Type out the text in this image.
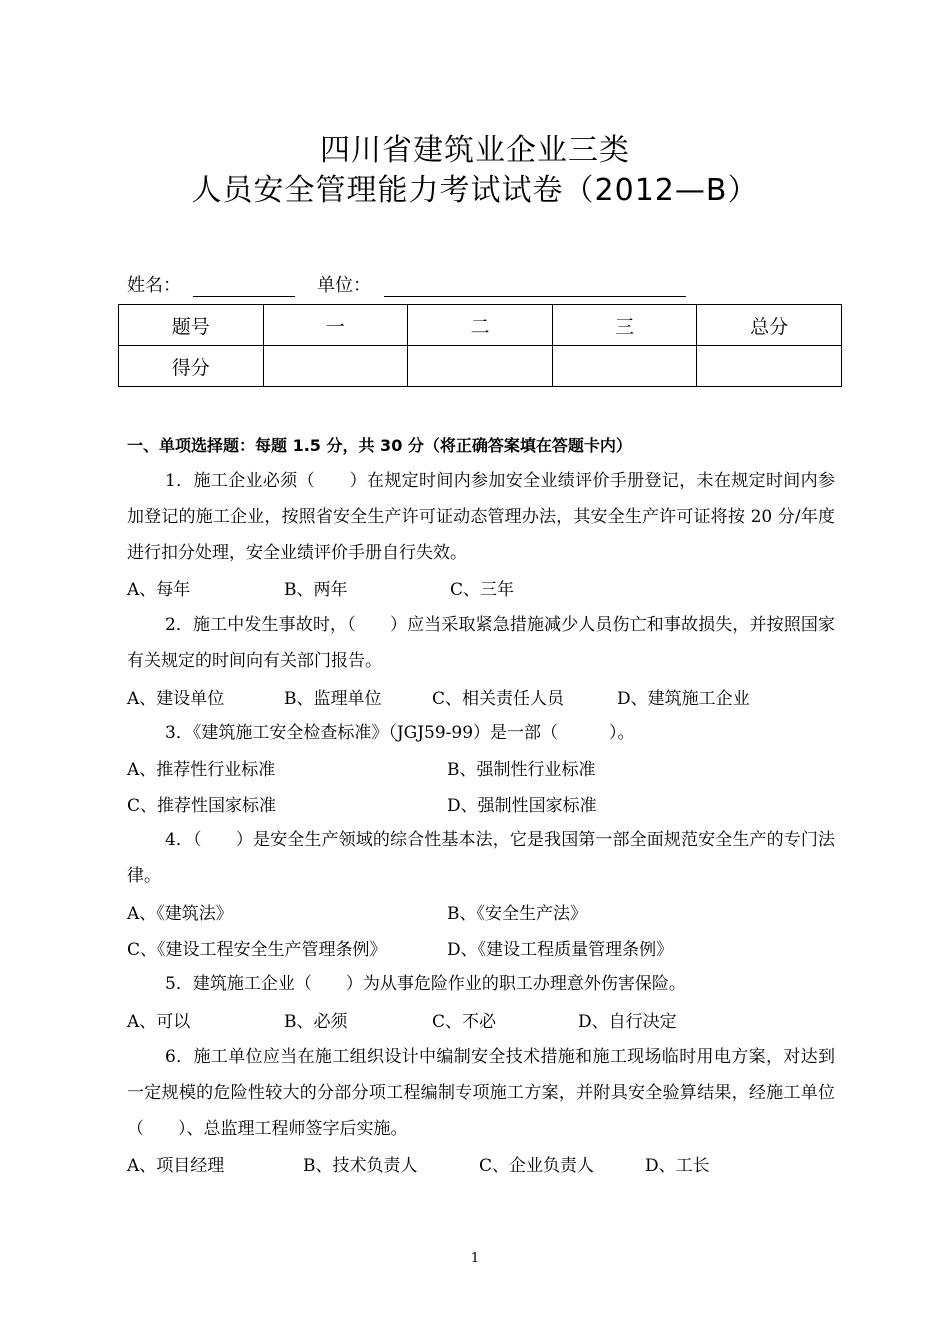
四川省建筑业企业三类
人员安全管理能力考试试卷（2012—B）
姓名：	单位：
题号	一	二	三	总分
得分				
一、单项选择题：每题 1.5 分，共 30 分（将正确答案填在答题卡内）
1．施工企业必须（　　）在规定时间内参加安全业绩评价手册登记，未在规定时间内参加登记的施工企业，按照省安全生产许可证动态管理办法，其安全生产许可证将按 20 分/年度进行扣分处理，安全业绩评价手册自行失效。
A、每年	B、两年	C、三年
2．施工中发生事故时，（　　）应当采取紧急措施减少人员伤亡和事故损失，并按照国家有关规定的时间向有关部门报告。
A、建设单位	B、监理单位	C、相关责任人员	D、建筑施工企业
3．《建筑施工安全检查标准》（JGJ59-99）是一部（　　　）。
A、推荐性行业标准	B、强制性行业标准
C、推荐性国家标准	D、强制性国家标准
4．（　　）是安全生产领域的综合性基本法，它是我国第一部全面规范安全生产的专门法律。
A、《建筑法》	B、《安全生产法》
C、《建设工程安全生产管理条例》	D、《建设工程质量管理条例》
5．建筑施工企业（　　）为从事危险作业的职工办理意外伤害保险。
A、可以	B、必须	C、不必	D、自行决定
6．施工单位应当在施工组织设计中编制安全技术措施和施工现场临时用电方案，对达到一定规模的危险性较大的分部分项工程编制专项施工方案，并附具安全验算结果，经施工单位（　　）、总监理工程师签字后实施。
A、项目经理	B、技术负责人	C、企业负责人	D、工长
1
